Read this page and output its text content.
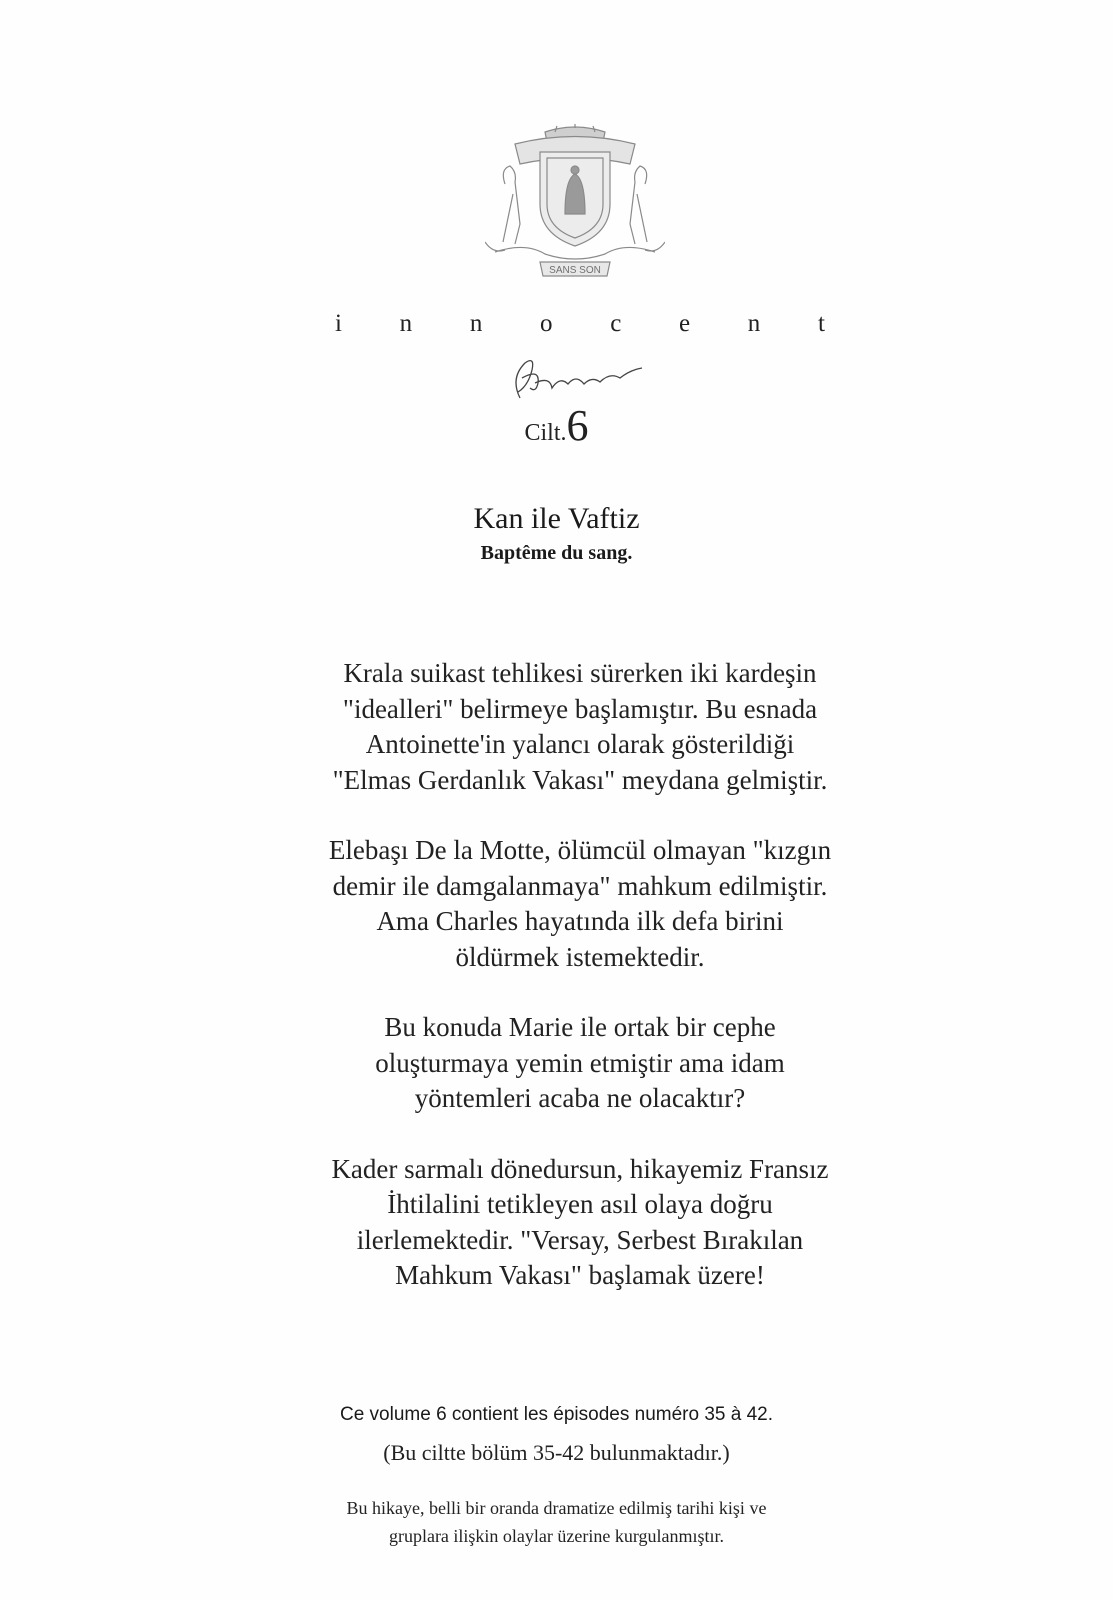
SANS SON
i n n o c e n t
Rouge
Cilt.6
Kan ile Vaftiz
Baptême du sang.

Krala suikast tehlikesi sürerken iki kardeşin
"idealleri" belirmeye başlamıştır. Bu esnada
Antoinette'in yalancı olarak gösterildiği
"Elmas Gerdanlık Vakası" meydana gelmiştir.

Elebaşı De la Motte, ölümcül olmayan "kızgın
demir ile damgalanmaya" mahkum edilmiştir.
Ama Charles hayatında ilk defa birini
öldürmek istemektedir.

Bu konuda Marie ile ortak bir cephe
oluşturmaya yemin etmiştir ama idam
yöntemleri acaba ne olacaktır?

Kader sarmalı dönedursun, hikayemiz Fransız
İhtilalini tetikleyen asıl olaya doğru
ilerlemektedir. "Versay, Serbest Bırakılan
Mahkum Vakası" başlamak üzere!

Ce volume 6 contient les épisodes numéro 35 à 42.
(Bu ciltte bölüm 35-42 bulunmaktadır.)
Bu hikaye, belli bir oranda dramatize edilmiş tarihi kişi ve
gruplara ilişkin olaylar üzerine kurgulanmıştır.
